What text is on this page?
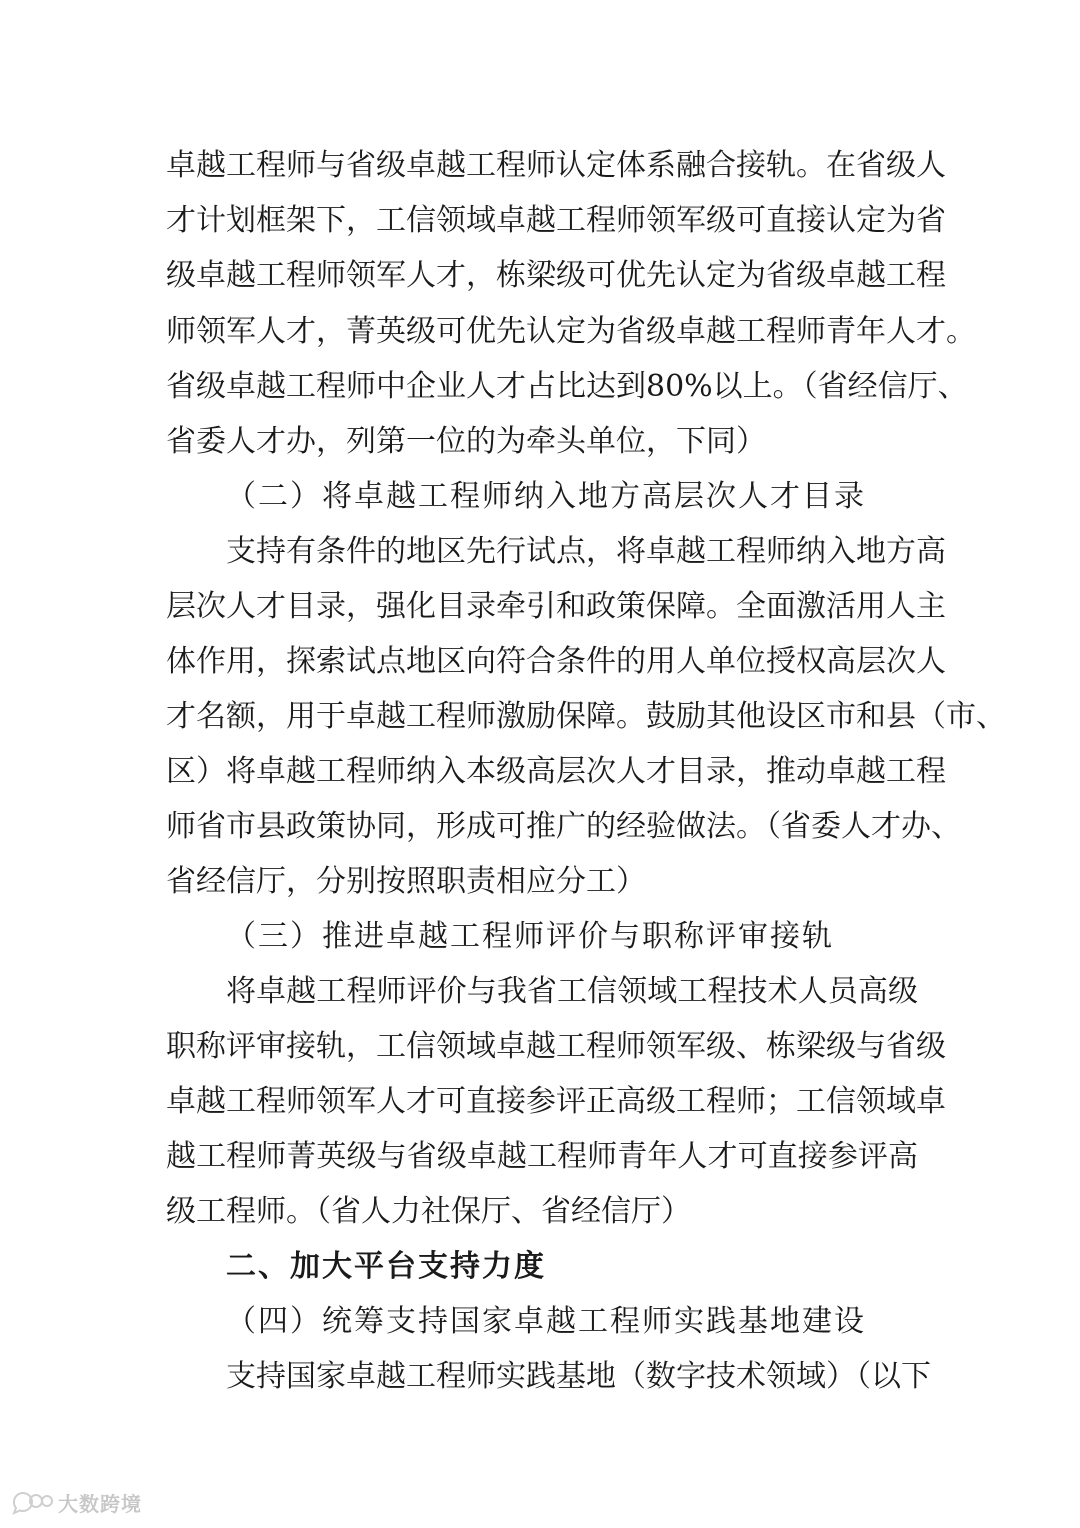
卓越工程师与省级卓越工程师认定体系融合接轨。在省级人
才计划框架下，工信领域卓越工程师领军级可直接认定为省
级卓越工程师领军人才，栋梁级可优先认定为省级卓越工程
师领军人才，菁英级可优先认定为省级卓越工程师青年人才。
省级卓越工程师中企业人才占比达到80%以上。（省经信厅、
省委人才办，列第一位的为牵头单位，下同）
（二）将卓越工程师纳入地方高层次人才目录
支持有条件的地区先行试点，将卓越工程师纳入地方高
层次人才目录，强化目录牵引和政策保障。全面激活用人主
体作用，探索试点地区向符合条件的用人单位授权高层次人
才名额，用于卓越工程师激励保障。鼓励其他设区市和县（市、
区）将卓越工程师纳入本级高层次人才目录，推动卓越工程
师省市县政策协同，形成可推广的经验做法。（省委人才办、
省经信厅，分别按照职责相应分工）
（三）推进卓越工程师评价与职称评审接轨
将卓越工程师评价与我省工信领域工程技术人员高级
职称评审接轨，工信领域卓越工程师领军级、栋梁级与省级
卓越工程师领军人才可直接参评正高级工程师；工信领域卓
越工程师菁英级与省级卓越工程师青年人才可直接参评高
级工程师。（省人力社保厅、省经信厅）
二、加大平台支持力度
（四）统筹支持国家卓越工程师实践基地建设
支持国家卓越工程师实践基地（数字技术领域）（以下
大数跨境
